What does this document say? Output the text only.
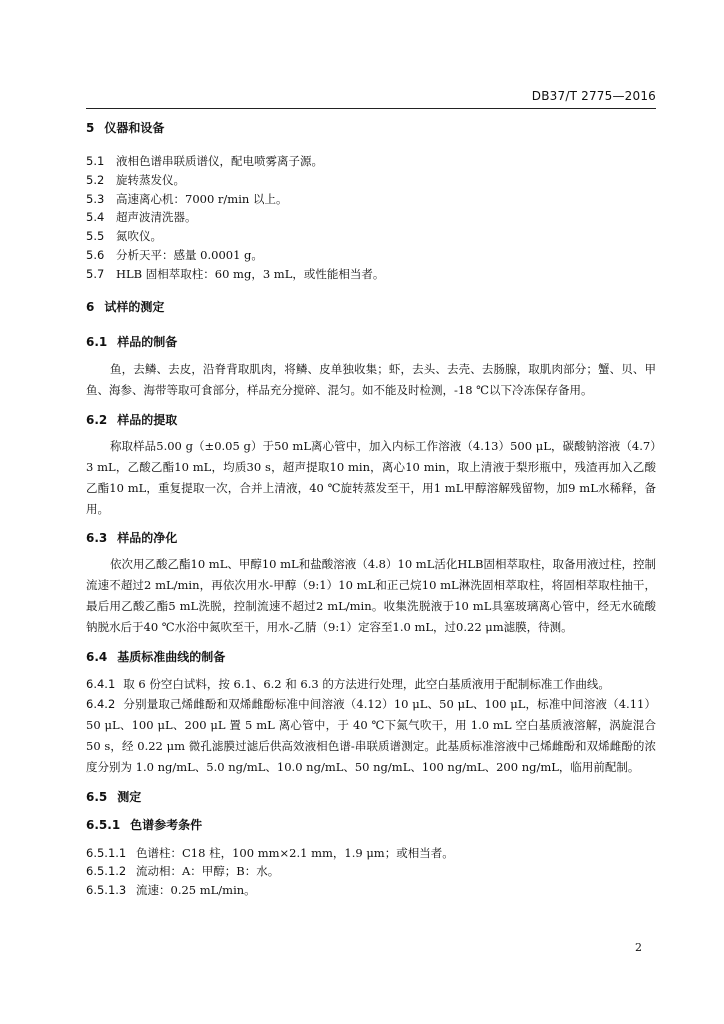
DB37/T 2775—2016
5 仪器和设备
5.1 液相色谱串联质谱仪，配电喷雾离子源。
5.2 旋转蒸发仪。
5.3 高速离心机：7000 r/min 以上。
5.4 超声波清洗器。
5.5 氮吹仪。
5.6 分析天平：感量 0.0001 g。
5.7 HLB 固相萃取柱：60 mg，3 mL，或性能相当者。
6 试样的测定
6.1 样品的制备

鱼，去鳞、去皮，沿脊背取肌肉，将鳞、皮单独收集；虾，去头、去壳、去肠腺，取肌肉部分；蟹、贝、甲鱼、海参、海带等取可食部分，样品充分搅碎、混匀。如不能及时检测，-18 ℃以下冷冻保存备用。

6.2 样品的提取

称取样品5.00 g（±0.05 g）于50 mL离心管中，加入内标工作溶液（4.13）500 μL，碳酸钠溶液（4.7）3 mL，乙酸乙酯10 mL，均质30 s，超声提取10 min，离心10 min，取上清液于梨形瓶中，残渣再加入乙酸乙酯10 mL，重复提取一次，合并上清液，40 ℃旋转蒸发至干，用1 mL甲醇溶解残留物，加9 mL水稀释，备用。

6.3 样品的净化

依次用乙酸乙酯10 mL、甲醇10 mL和盐酸溶液（4.8）10 mL活化HLB固相萃取柱，取备用液过柱，控制流速不超过2 mL/min，再依次用水-甲醇（9:1）10 mL和正己烷10 mL淋洗固相萃取柱，将固相萃取柱抽干，最后用乙酸乙酯5 mL洗脱，控制流速不超过2 mL/min。收集洗脱液于10 mL具塞玻璃离心管中，经无水硫酸钠脱水后于40 ℃水浴中氮吹至干，用水-乙腈（9:1）定容至1.0 mL，过0.22 μm滤膜，待测。

6.4 基质标准曲线的制备

6.4.1 取 6 份空白试料，按 6.1、6.2 和 6.3 的方法进行处理，此空白基质液用于配制标准工作曲线。

6.4.2 分别量取己烯雌酚和双烯雌酚标准中间溶液（4.12）10 μL、50 μL、100 μL，标准中间溶液（4.11）50 μL、100 μL、200 μL 置 5 mL 离心管中，于 40 ℃下氮气吹干，用 1.0 mL 空白基质液溶解，涡旋混合 50 s，经 0.22 μm 微孔滤膜过滤后供高效液相色谱-串联质谱测定。此基质标准溶液中己烯雌酚和双烯雌酚的浓度分别为 1.0 ng/mL、5.0 ng/mL、10.0 ng/mL、50 ng/mL、100 ng/mL、200 ng/mL，临用前配制。

6.5 测定
6.5.1 色谱参考条件
6.5.1.1 色谱柱：C18 柱，100 mm×2.1 mm，1.9 μm；或相当者。
6.5.1.2 流动相：A：甲醇；B：水。
6.5.1.3 流速：0.25 mL/min。
2
